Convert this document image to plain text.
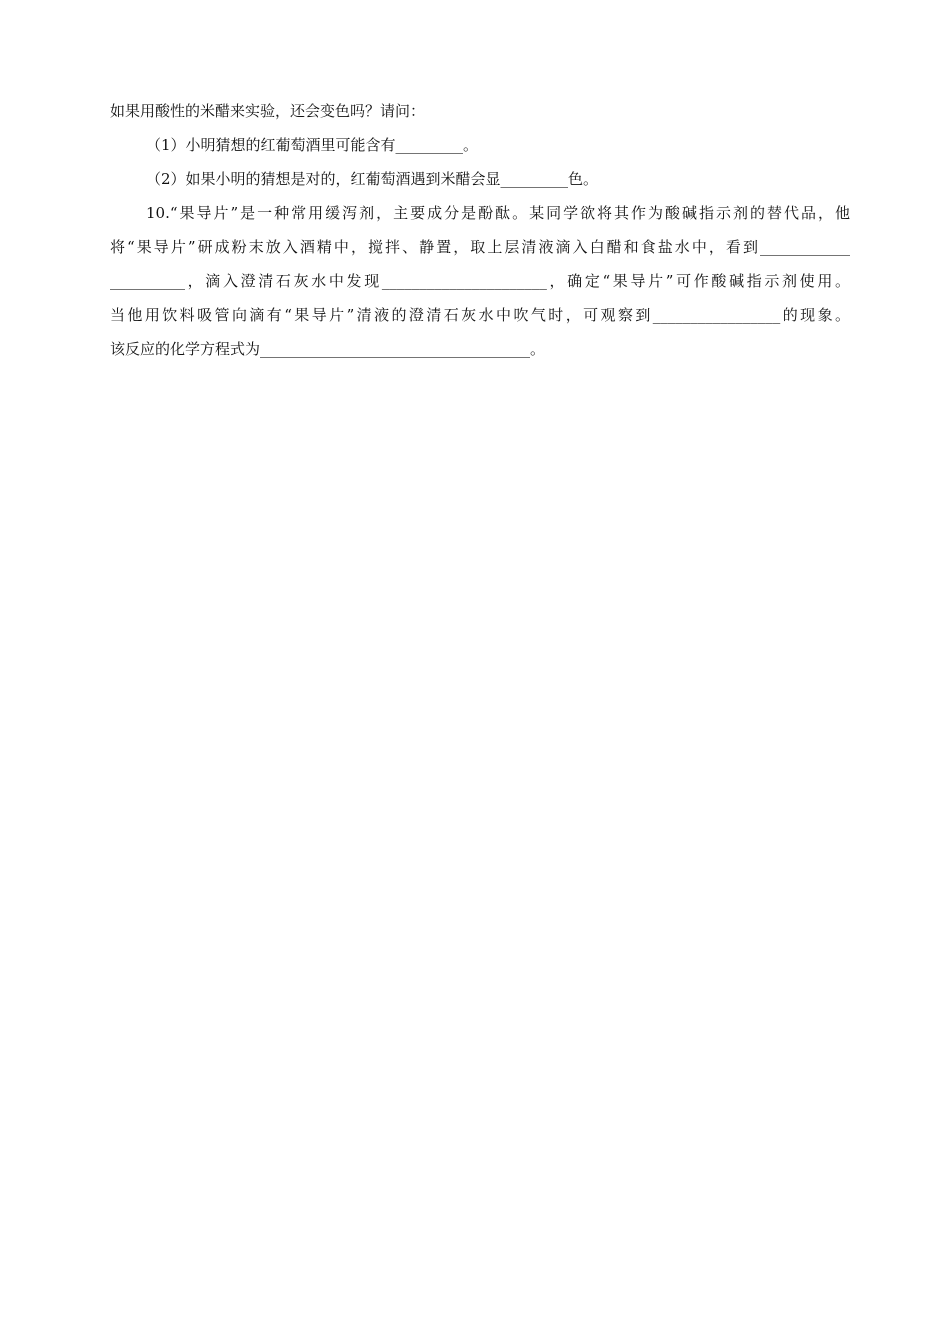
如果用酸性的米醋来实验，还会变色吗？请问：
（1）小明猜想的红葡萄酒里可能含有_________。
（2）如果小明的猜想是对的，红葡萄酒遇到米醋会显_________色。
10.“果导片”是一种常用缓泻剂，主要成分是酚酞。某同学欲将其作为酸碱指示剂的替代品，他
将“果导片”研成粉末放入酒精中，搅拌、静置，取上层清液滴入白醋和食盐水中，看到____________
__________，滴入澄清石灰水中发现______________________，确定“果导片”可作酸碱指示剂使用。
当他用饮料吸管向滴有“果导片”清液的澄清石灰水中吹气时，可观察到_________________的现象。
该反应的化学方程式为____________________________________。
